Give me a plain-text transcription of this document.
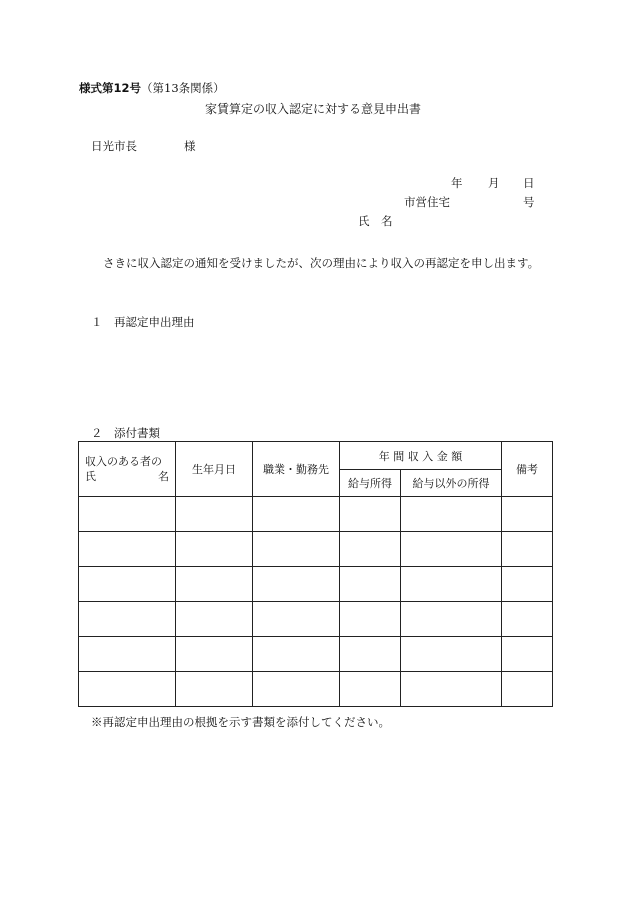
様式第12号（第13条関係）
家賃算定の収入認定に対する意見申出書
日光市長	様
年 月 日
市営住宅	号
氏　名
さきに収入認定の通知を受けましたが、次の理由により収入の再認定を申し出ます。
１　再認定申出理由
２　添付書類
収入のある者の
氏　　　　　名	生年月日	職業・勤務先	年 間 収 入 金 額		備考
			給与所得	給与以外の所得	

※再認定申出理由の根拠を示す書類を添付してください。
